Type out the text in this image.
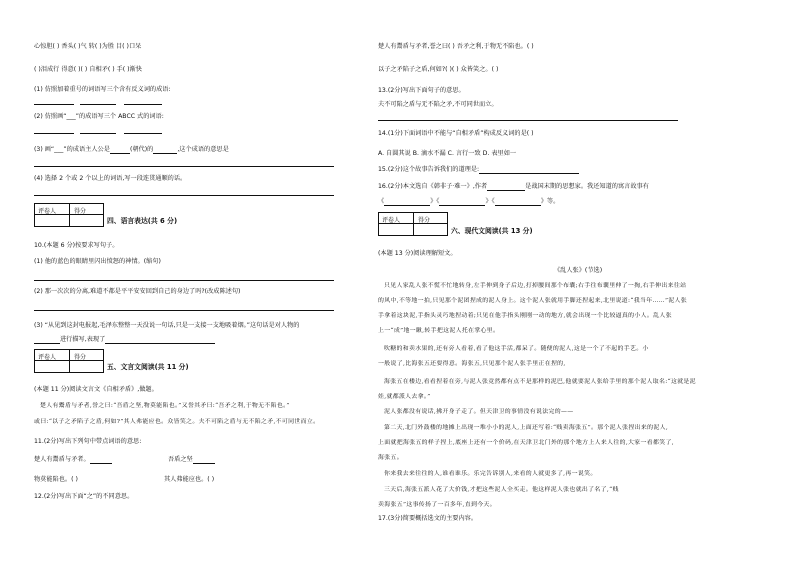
心惊胆( ) 香头( )气 转( )为胜 目( )口呆
( )泪成行 得意( )( ) 自相矛( ) 手( )渐快
(1) 仿照加着重号的词语写三个含有反义词的成语:
(2) 仿照画“___”的成语写三个 ABCC 式的词语:
(3) 画“___”的成语主人公是	(朝代)的	,这个成语的意思是
(4) 选择 2 个或 2 个以上的词语,写一段连贯通顺的话。
评卷人	得分
四、语言表达(共 6 分)
10.(本题 6 分)按要求写句子。
(1) 他的蓝色的眼睛里闪出愤怒的神情。(缩句)
(2) 那一次次的分离,难道不都是平平安安回到自己的身边了吗?(改成陈述句)
(3) “从见到这封电报起,毛泽东整整一天没说一句话,只是一支接一支地吸着烟。”这句话是对人物的
进行描写,表现了
评卷人	得分
五、文言文阅读(共 11 分)
(本题 11 分)阅读文言文《自相矛盾》,做题。
楚人有鬻盾与矛者,誉之曰:“吾盾之坚,物莫能陷也。”又誉其矛曰:“吾矛之利,于物无不陷也。”
或曰:“以子之矛陷子之盾,何如?”其人弗能应也。众皆笑之。夫不可陷之盾与无不陷之矛,不可同世而立。
11.(2分)写出下列句中带点词语的意思:
楚人有鬻盾与矛者。	吾盾之坚
物莫能陷也。( )	其人弗能应也。( )
12.(2分)写出下面“之”的不同意思。
楚人有鬻盾与矛者,誉之曰( ) 吾矛之利,于物无不陷也。( )
以子之矛陷子之盾,何如?( )( ) 众皆笑之。( )
13.(2分)写出下面句子的意思。
夫不可陷之盾与无不陷之矛,不可同世而立。
14.(1分)下面词语中不能与“自相矛盾”构成反义词的是( )
A. 自圆其说 B. 滴水不漏 C. 言行一致 D. 表里如一
15.(2分)这个故事告诉我们的道理是:
16.(2分)本文选自《韩非子·难一》,作者	是战国末期的思想家。我还知道的寓言故事有
《	》《	》《	》等。
评卷人	得分
六、现代文阅读(共 13 分)
(本题 13 分)阅读理解短文。
《乱人张》(节选)
只见人家乱人张不慌不忙地转身,左手伸到身子后边,打掉腰间那个布囊;右手往布囊里伸了一掏,右手伸出来往站
的风中,不等地一拍,只见那个泥团捏成的泥人身上。这个泥人张就用手脚还捏起来,北里说道:“我当年……”泥人张
手拿着这块泥,手指头灵巧地捏动着;只见在他手指头刚刚一动的地方,就会出现一个比较逼真的小人。乱人张
上一“成”地一瞅,转手把这泥人托在掌心里。
吹糖的和卖水果的,还有旁人看着,看了他这手活,都呆了。随便的泥人,这是一个了不起的手艺。小
一般说了,比海张五还要得意。海张五,只见那个泥人张手里正在捏的,
海张五在楼边,看看捏着在旁,与泥人张竟然都有点不是那样的泥巴,他就要泥人张给手里的那个泥人取名:“这就是泥
娃,就都派人去拿。”
泥人张都没有说话,拂开身子走了。但天津卫的事情没有说法完的——
第二天,北门外鼓楼的地摊上出现一堆小小的泥人,上面还写着:“贱卖海张五”。那个泥人张捏出来的泥人,
上面就把海张五的样子捏上,底座上还有一个价码,在天津卫北门外的那个地方上人来人往的,大家一看都笑了,
海张五。
你来我去来往往的人,谁看谁乐。乐完告诉别人,来看的人就更多了,再一说笑。
三天后,海张五派人花了大价钱,才把这些泥人全买走。他这样泥人张也就出了名了,“贱
卖海张五”这事传扬了一百多年,直到今天。
17.(3分)简要概括选文的主要内容。
